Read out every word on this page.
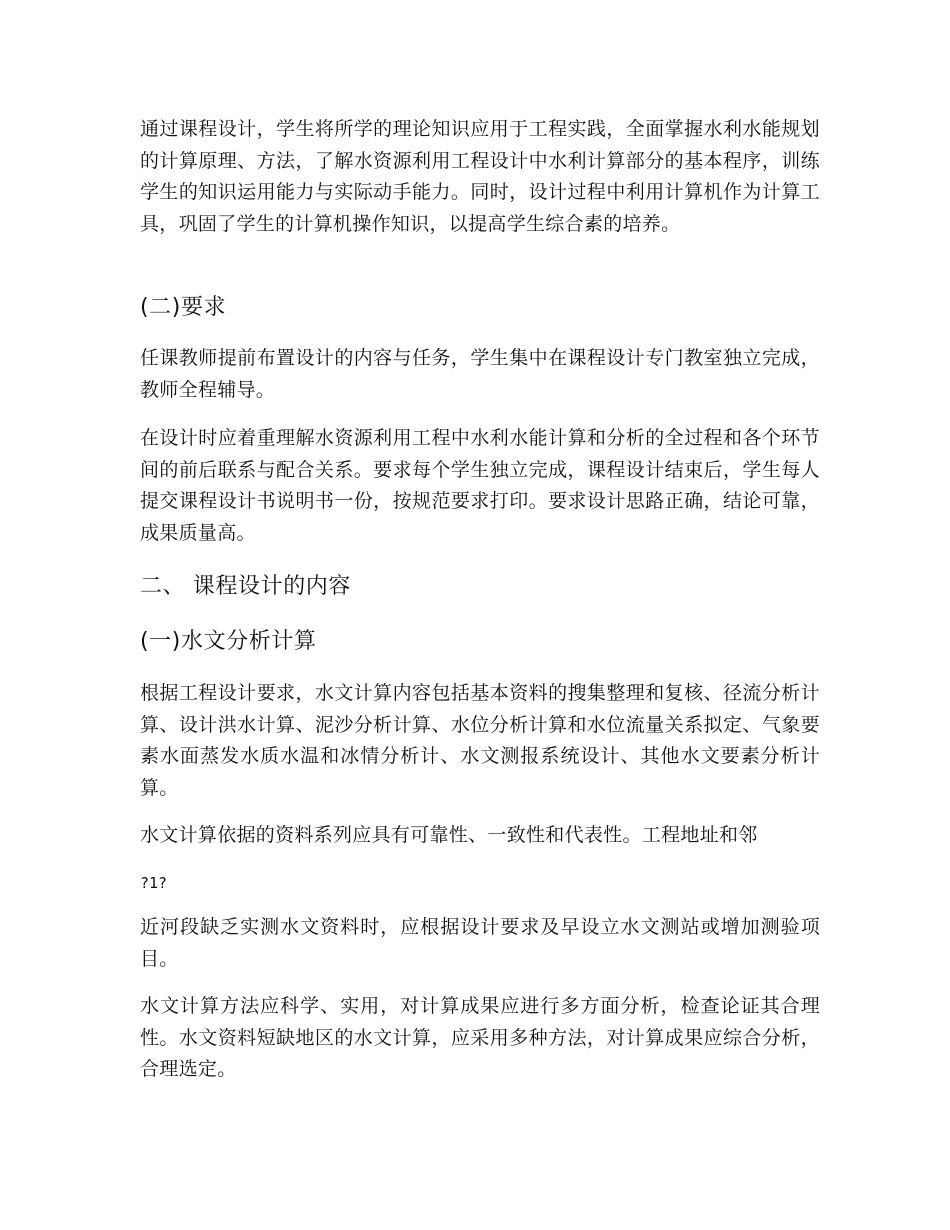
通过课程设计，学生将所学的理论知识应用于工程实践，全面掌握水利水能规划的计算原理、方法，了解水资源利用工程设计中水利计算部分的基本程序，训练学生的知识运用能力与实际动手能力。同时，设计过程中利用计算机作为计算工具，巩固了学生的计算机操作知识，以提高学生综合素的培养。

(二)要求

任课教师提前布置设计的内容与任务，学生集中在课程设计专门教室独立完成，教师全程辅导。

在设计时应着重理解水资源利用工程中水利水能计算和分析的全过程和各个环节间的前后联系与配合关系。要求每个学生独立完成，课程设计结束后，学生每人提交课程设计书说明书一份，按规范要求打印。要求设计思路正确，结论可靠，成果质量高。

二、 课程设计的内容
(一)水文分析计算

根据工程设计要求，水文计算内容包括基本资料的搜集整理和复核、径流分析计算、设计洪水计算、泥沙分析计算、水位分析计算和水位流量关系拟定、气象要素水面蒸发水质水温和冰情分析计、水文测报系统设计、其他水文要素分析计算。

水文计算依据的资料系列应具有可靠性、一致性和代表性。工程地址和邻

?1?

近河段缺乏实测水文资料时，应根据设计要求及早设立水文测站或增加测验项目。

水文计算方法应科学、实用，对计算成果应进行多方面分析，检查论证其合理性。水文资料短缺地区的水文计算，应采用多种方法，对计算成果应综合分析，合理选定。
